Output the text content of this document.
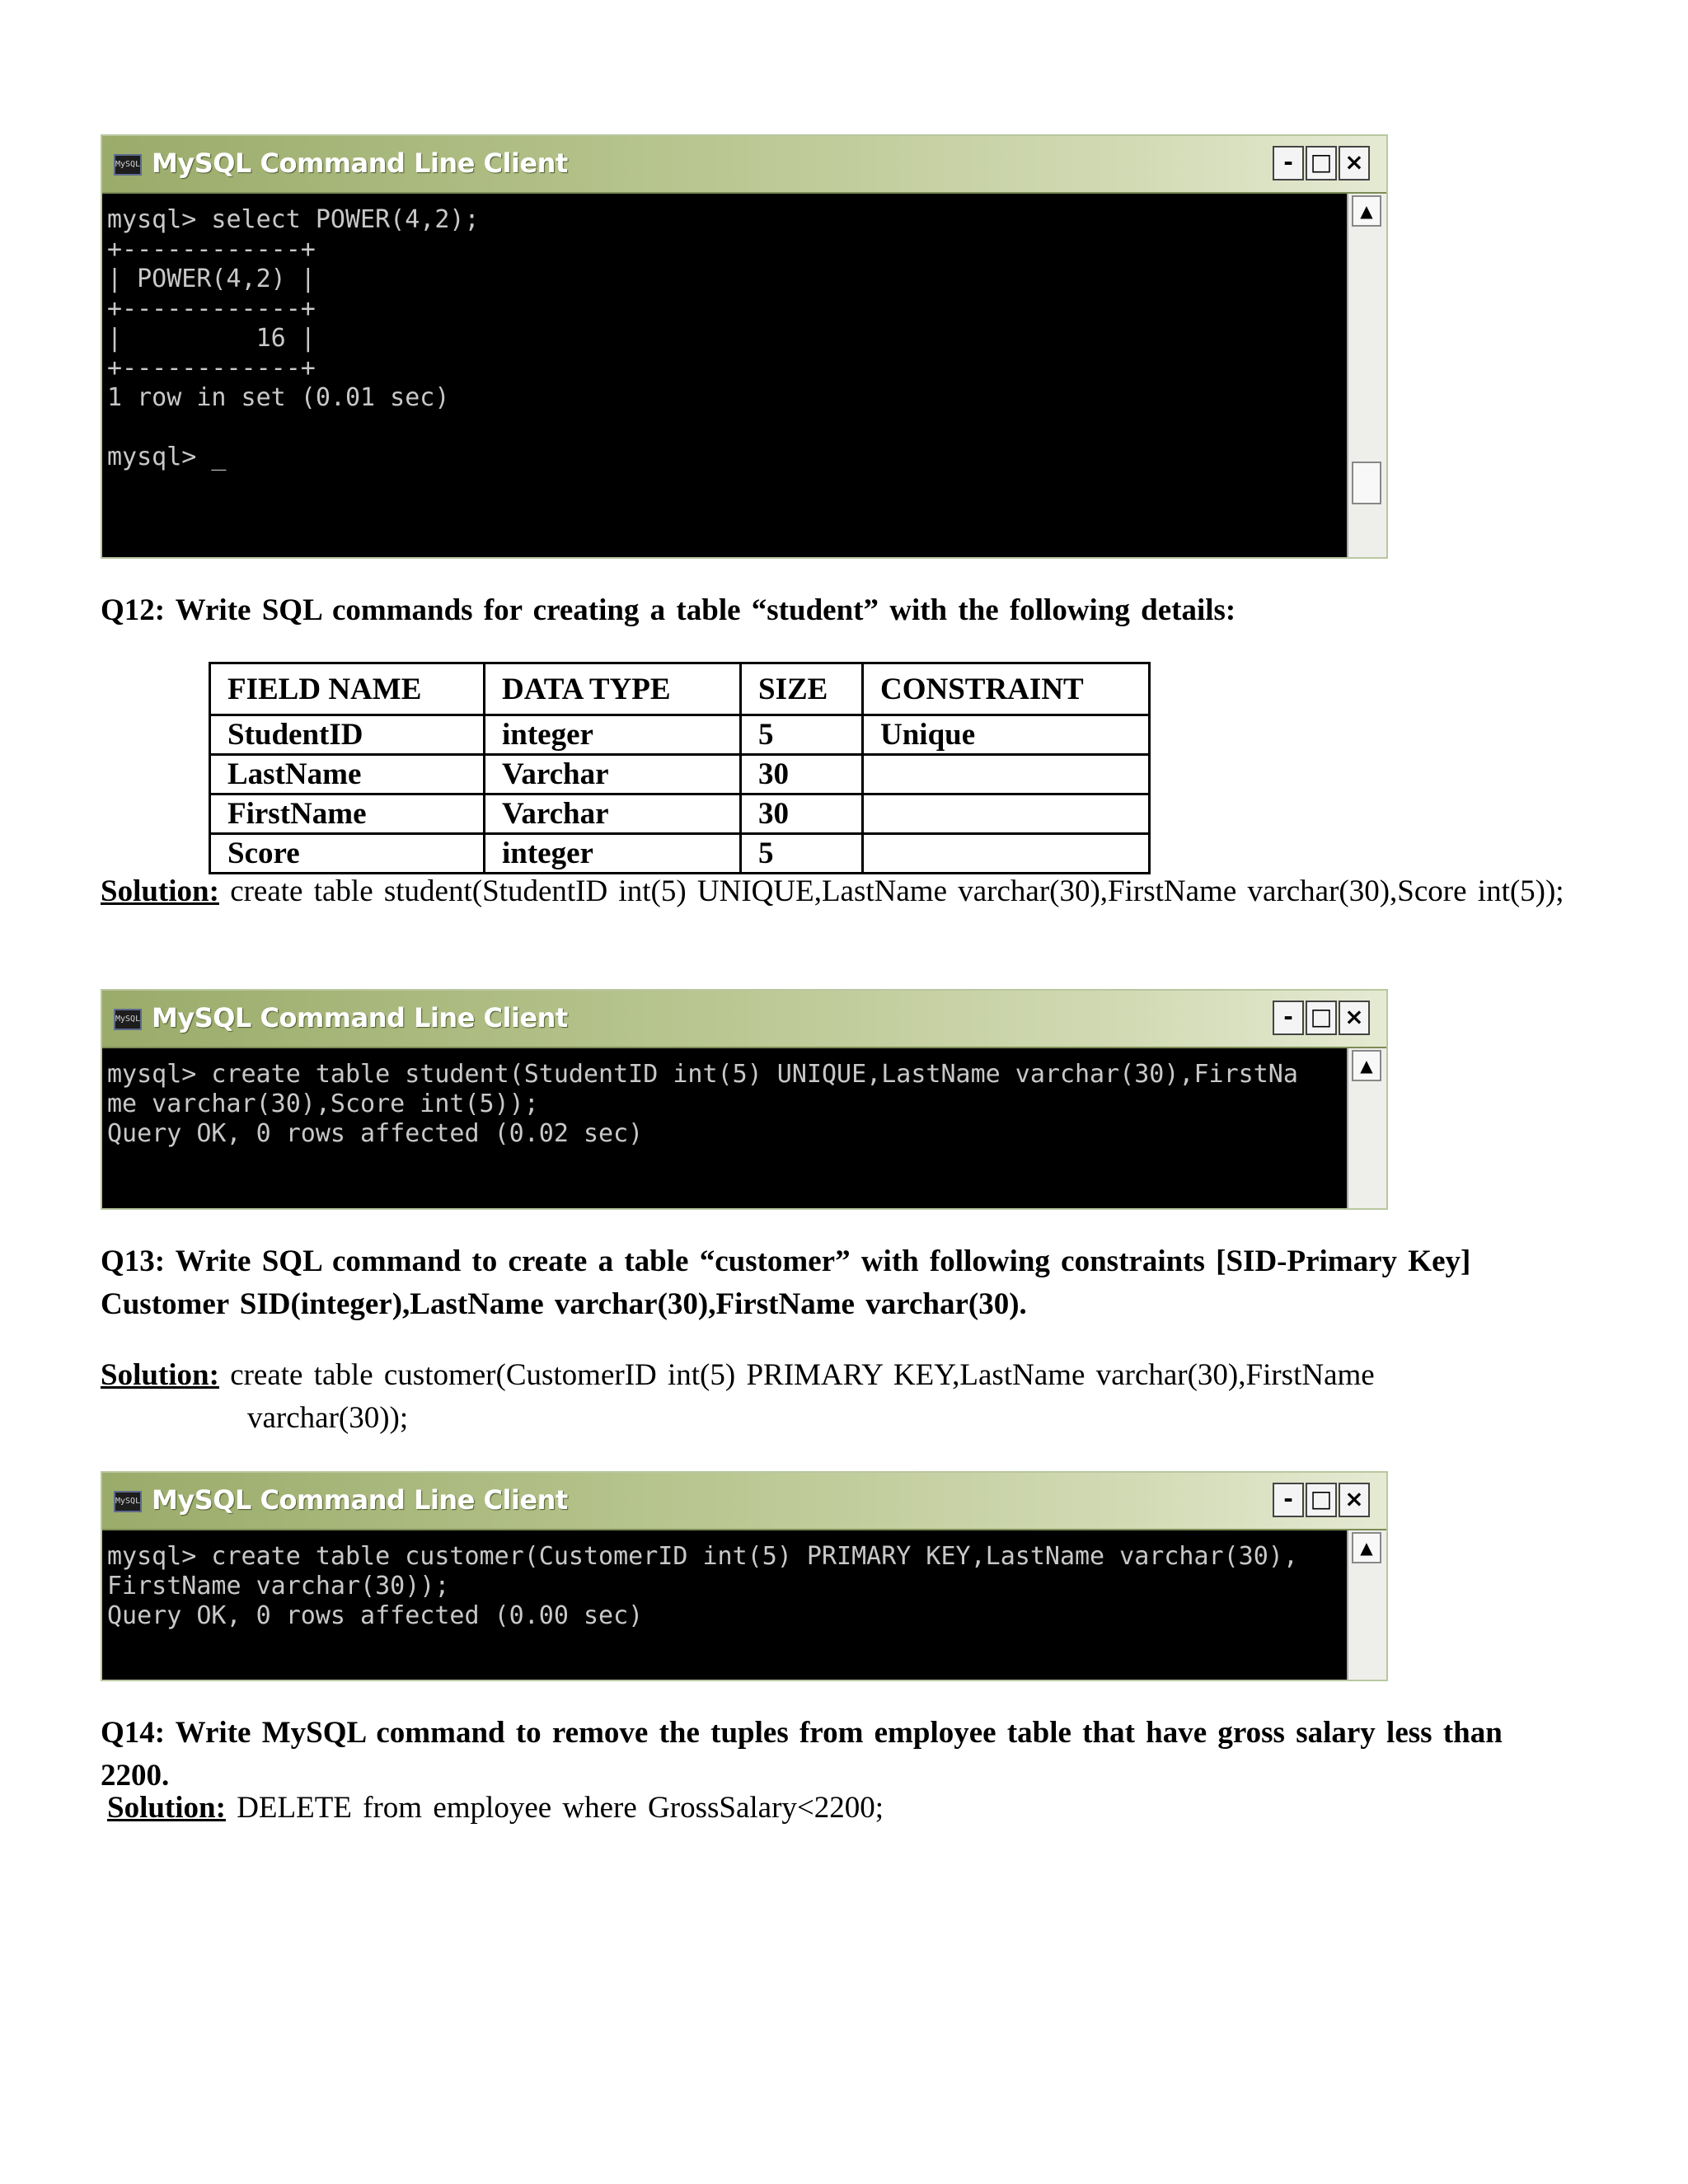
MySQL MySQL Command Line Client	- □ ×
mysql> select POWER(4,2);
+------------+
| POWER(4,2) |
+------------+
|         16 |
+------------+
1 row in set (0.01 sec)

mysql> _
▲
Q12: Write SQL commands for creating a table “student” with the following details:
FIELD NAME	DATA TYPE	SIZE	CONSTRAINT
StudentID	integer	5	Unique
LastName	Varchar	30	
FirstName	Varchar	30	
Score	integer	5	
Solution: create table student(StudentID int(5) UNIQUE,LastName varchar(30),FirstName varchar(30),Score int(5));
MySQL MySQL Command Line Client	- □ ×
mysql> create table student(StudentID int(5) UNIQUE,LastName varchar(30),FirstNa
me varchar(30),Score int(5));
Query OK, 0 rows affected (0.02 sec)
▲
Q13: Write SQL command to create a table “customer” with following constraints [SID-Primary Key]
Customer SID(integer),LastName varchar(30),FirstName varchar(30).
Solution: create table customer(CustomerID int(5) PRIMARY KEY,LastName varchar(30),FirstName
varchar(30));
MySQL MySQL Command Line Client	- □ ×
mysql> create table customer(CustomerID int(5) PRIMARY KEY,LastName varchar(30),
FirstName varchar(30));
Query OK, 0 rows affected (0.00 sec)
▲
Q14: Write MySQL command to remove the tuples from employee table that have gross salary less than 2200.
Solution: DELETE from employee where GrossSalary<2200;
